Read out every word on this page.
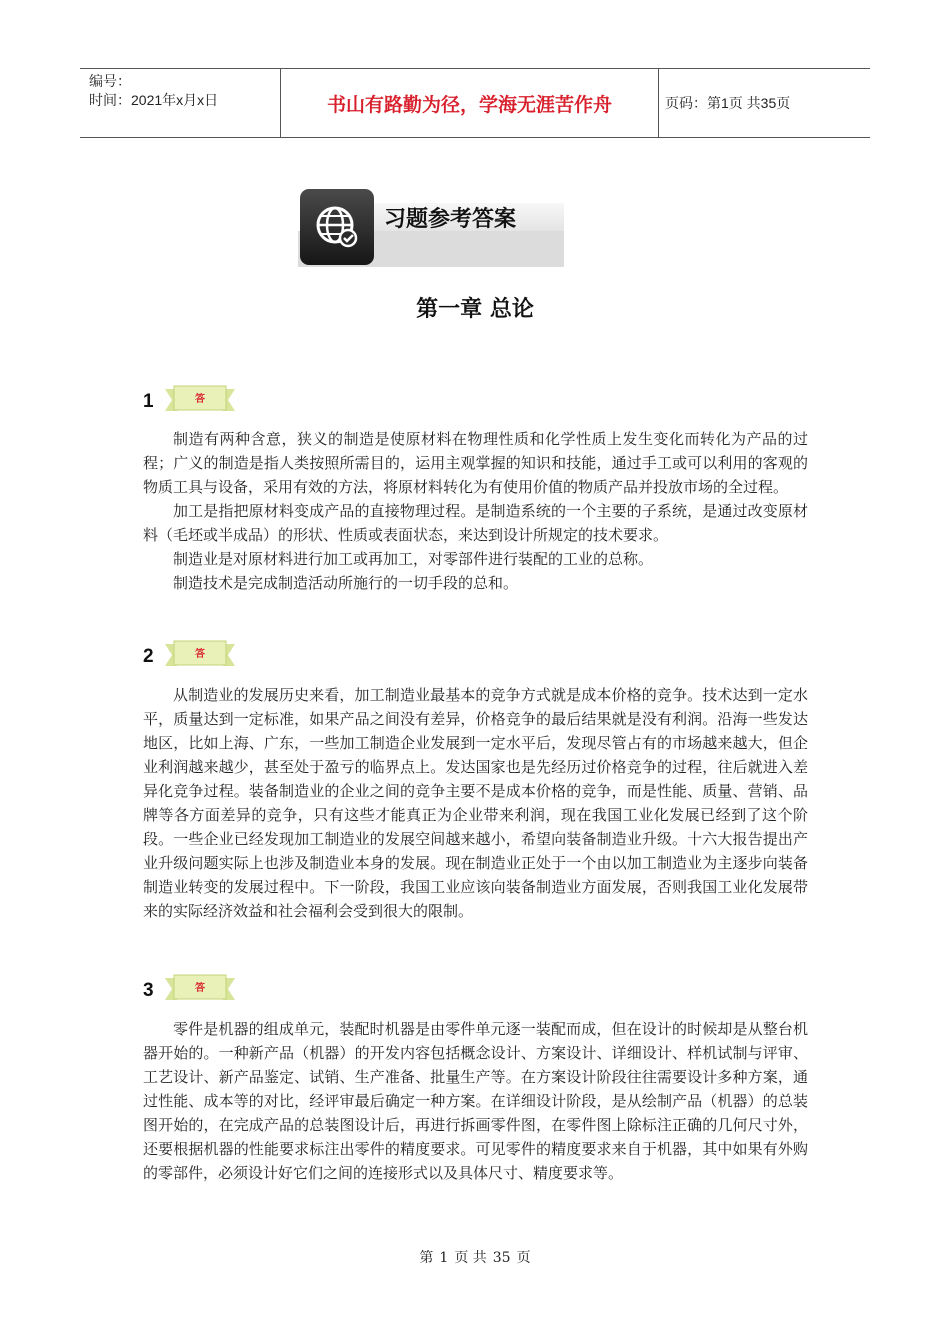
编号：
时间：2021年x月x日	书山有路勤为径，学海无涯苦作舟	页码：第1页 共35页
习题参考答案
第一章 总论
1	答

制造有两种含意，狭义的制造是使原材料在物理性质和化学性质上发生变化而转化为产品的过程；广义的制造是指人类按照所需目的，运用主观掌握的知识和技能，通过手工或可以利用的客观的物质工具与设备，采用有效的方法，将原材料转化为有使用价值的物质产品并投放市场的全过程。

加工是指把原材料变成产品的直接物理过程。是制造系统的一个主要的子系统，是通过改变原材料（毛坯或半成品）的形状、性质或表面状态，来达到设计所规定的技术要求。

制造业是对原材料进行加工或再加工，对零部件进行装配的工业的总称。

制造技术是完成制造活动所施行的一切手段的总和。

2	答

从制造业的发展历史来看，加工制造业最基本的竞争方式就是成本价格的竞争。技术达到一定水平，质量达到一定标准，如果产品之间没有差异，价格竞争的最后结果就是没有利润。沿海一些发达地区，比如上海、广东，一些加工制造企业发展到一定水平后，发现尽管占有的市场越来越大，但企业利润越来越少，甚至处于盈亏的临界点上。发达国家也是先经历过价格竞争的过程，往后就进入差异化竞争过程。装备制造业的企业之间的竞争主要不是成本价格的竞争，而是性能、质量、营销、品牌等各方面差异的竞争，只有这些才能真正为企业带来利润，现在我国工业化发展已经到了这个阶段。一些企业已经发现加工制造业的发展空间越来越小，希望向装备制造业升级。十六大报告提出产业升级问题实际上也涉及制造业本身的发展。现在制造业正处于一个由以加工制造业为主逐步向装备制造业转变的发展过程中。下一阶段，我国工业应该向装备制造业方面发展，否则我国工业化发展带来的实际经济效益和社会福利会受到很大的限制。

3	答

零件是机器的组成单元，装配时机器是由零件单元逐一装配而成，但在设计的时候却是从整台机器开始的。一种新产品（机器）的开发内容包括概念设计、方案设计、详细设计、样机试制与评审、工艺设计、新产品鉴定、试销、生产准备、批量生产等。在方案设计阶段往往需要设计多种方案，通过性能、成本等的对比，经评审最后确定一种方案。在详细设计阶段，是从绘制产品（机器）的总装图开始的，在完成产品的总装图设计后，再进行拆画零件图，在零件图上除标注正确的几何尺寸外，还要根据机器的性能要求标注出零件的精度要求。可见零件的精度要求来自于机器，其中如果有外购的零部件，必须设计好它们之间的连接形式以及具体尺寸、精度要求等。

第 1 页 共 35 页
